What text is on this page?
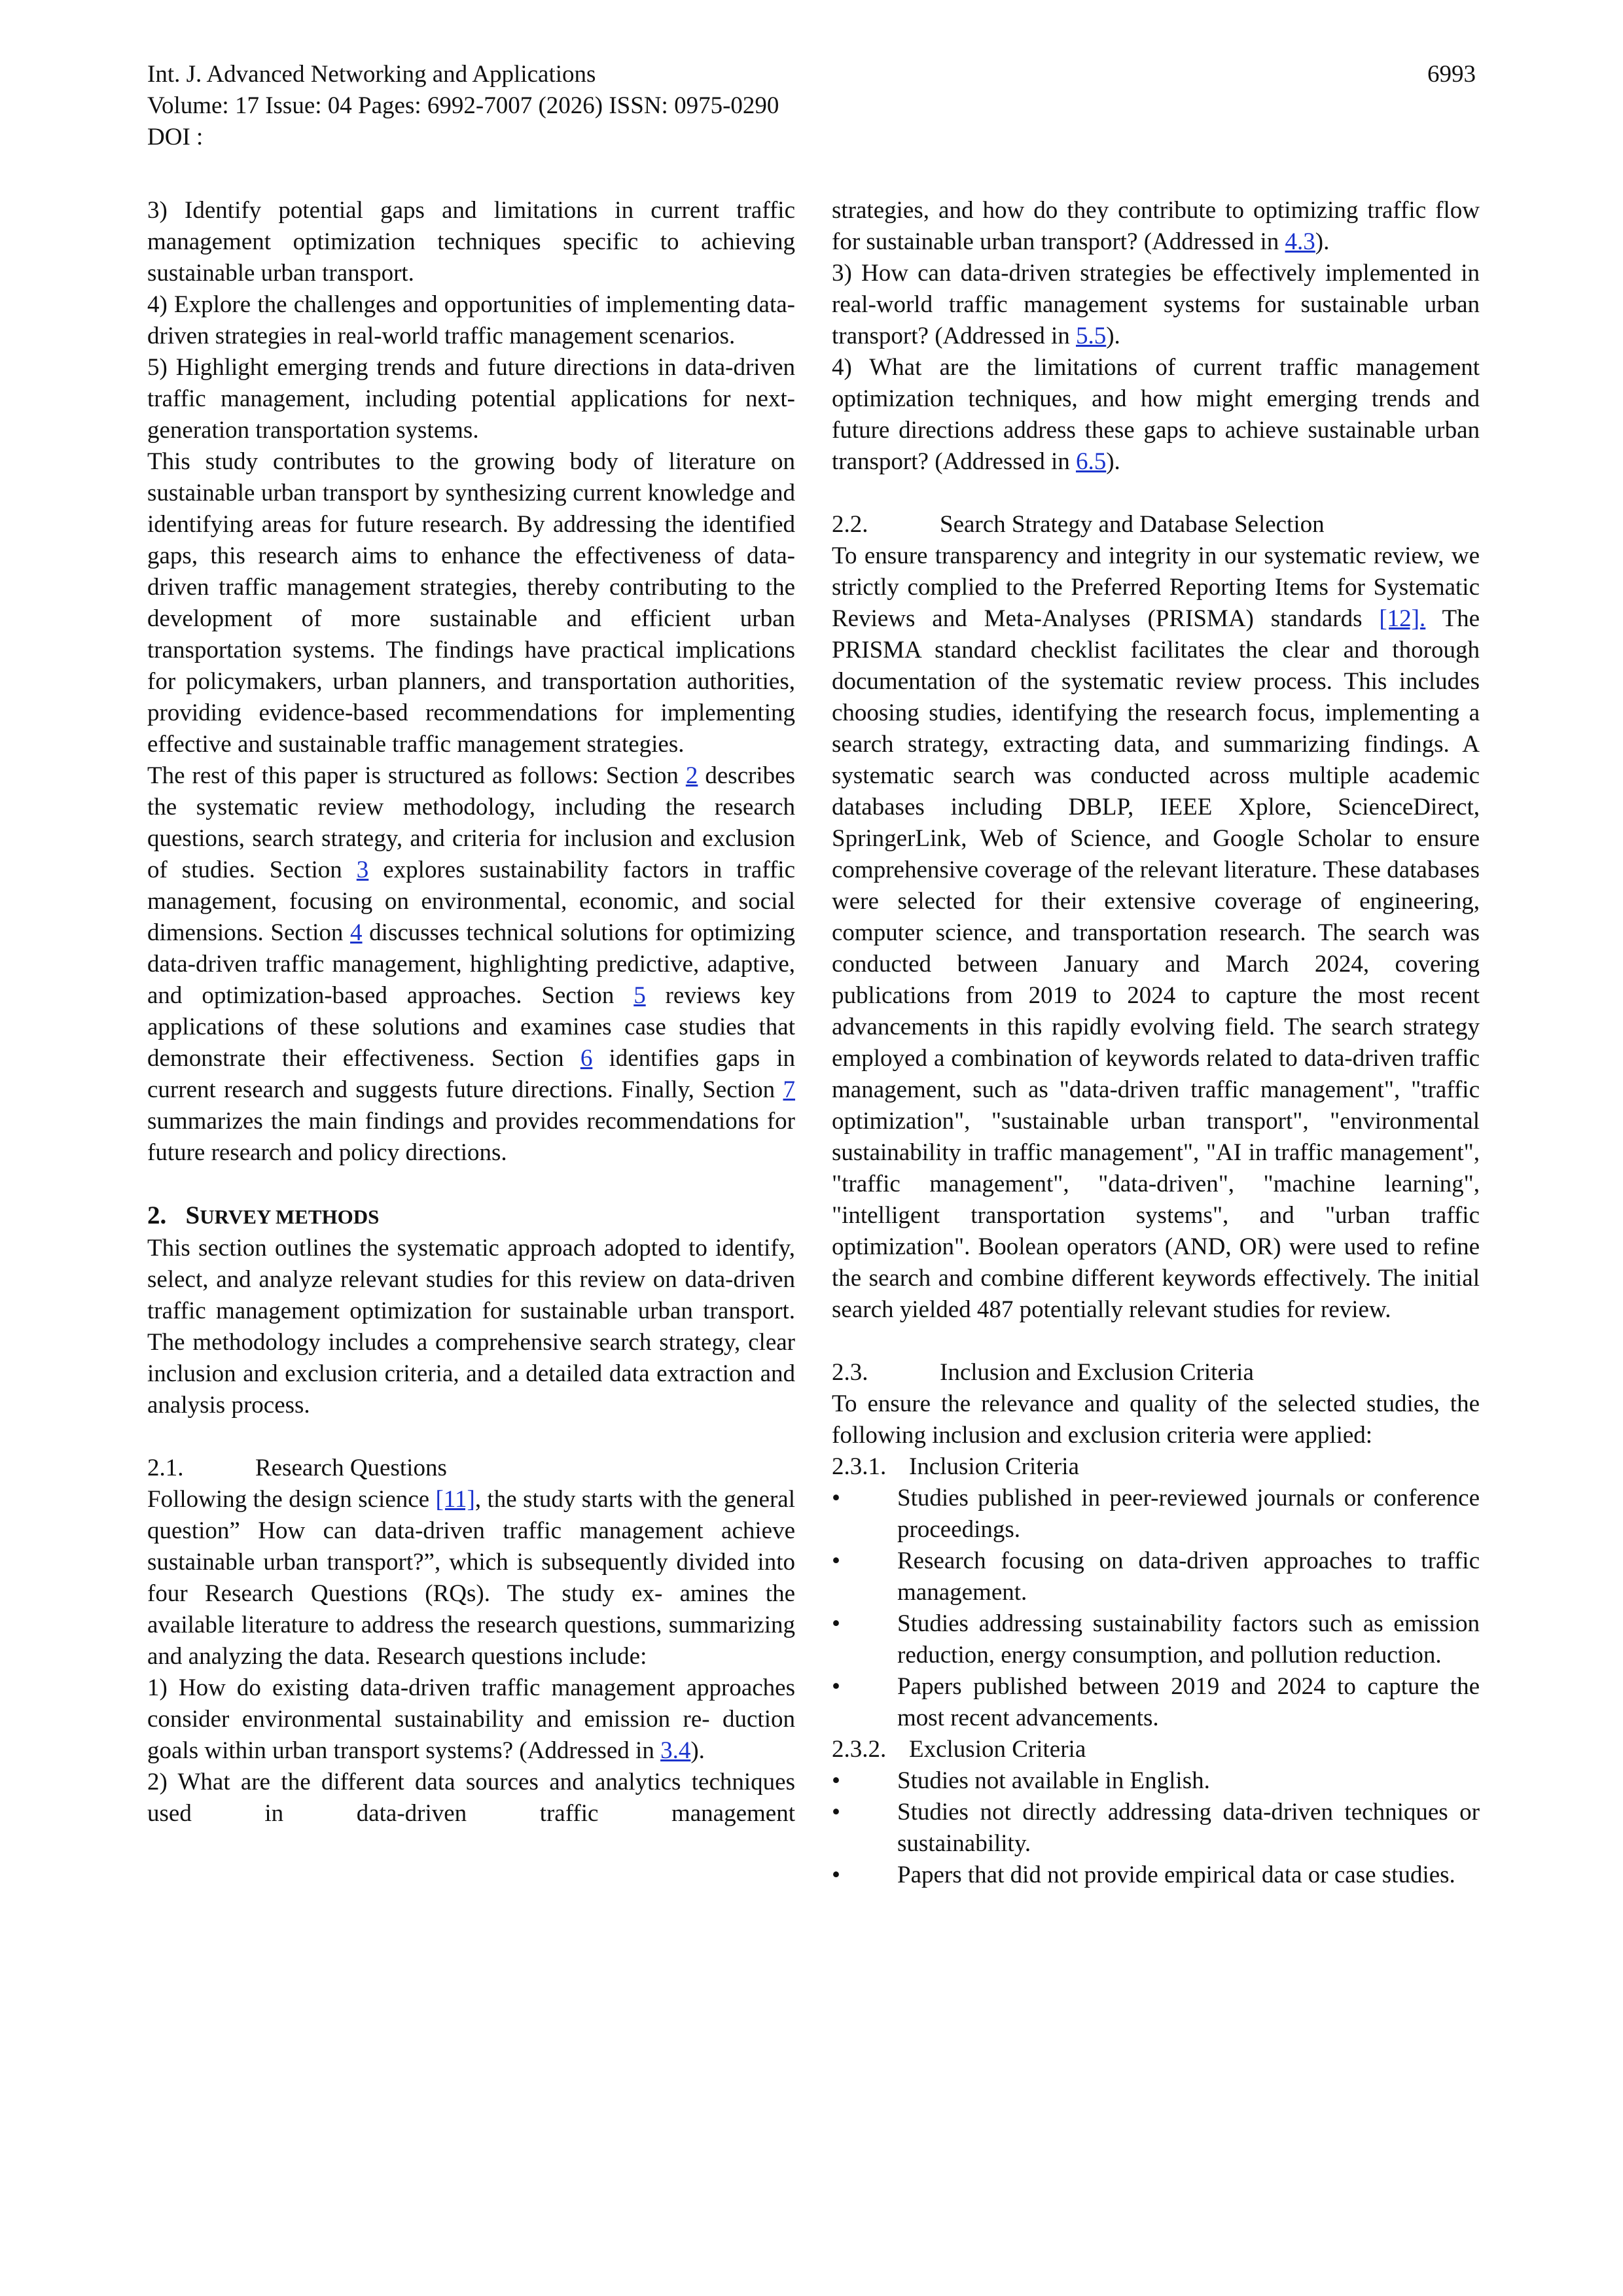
Int. J. Advanced Networking and Applications
Volume: 17 Issue: 04 Pages: 6992-7007 (2026) ISSN: 0975-0290
DOI :
6993

3) Identify potential gaps and limitations in current traffic management optimization techniques specific to achieving sustainable urban transport.

4) Explore the challenges and opportunities of implementing data-driven strategies in real-world traffic management scenarios.

5) Highlight emerging trends and future directions in data-driven traffic management, including potential applications for next-generation transportation systems.

This study contributes to the growing body of literature on sustainable urban transport by synthesizing current knowledge and identifying areas for future research. By addressing the identified gaps, this research aims to enhance the effectiveness of data-driven traffic management strategies, thereby contributing to the development of more sustainable and efficient urban transportation systems. The findings have practical implications for policymakers, urban planners, and transportation authorities, providing evidence-based recommendations for implementing effective and sustainable traffic management strategies.

The rest of this paper is structured as follows: Section 2 describes the systematic review methodology, including the research questions, search strategy, and criteria for inclusion and exclusion of studies. Section 3 explores sustainability factors in traffic management, focusing on environmental, economic, and social dimensions. Section 4 discusses technical solutions for optimizing data-driven traffic management, highlighting predictive, adaptive, and optimization-based approaches. Section 5 reviews key applications of these solutions and examines case studies that demonstrate their effectiveness. Section 6 identifies gaps in current research and suggests future directions. Finally, Section 7 summarizes the main findings and provides recommendations for future research and policy directions.

2. SURVEY METHODS

This section outlines the systematic approach adopted to identify, select, and analyze relevant studies for this review on data-driven traffic management optimization for sustainable urban transport. The methodology includes a comprehensive search strategy, clear inclusion and exclusion criteria, and a detailed data extraction and analysis process.

2.1.	Research Questions

Following the design science [11], the study starts with the general question” How can data-driven traffic management achieve sustainable urban transport?”, which is subsequently divided into four Research Questions (RQs). The study ex- amines the available literature to address the research questions, summarizing and analyzing the data. Research questions include:

1) How do existing data-driven traffic management approaches consider environmental sustainability and emission re- duction goals within urban transport systems? (Addressed in 3.4).

2) What are the different data sources and analytics techniques used in data-driven traffic management

strategies, and how do they contribute to optimizing traffic flow for sustainable urban transport? (Addressed in 4.3).

3) How can data-driven strategies be effectively implemented in real-world traffic management systems for sustainable urban transport? (Addressed in 5.5).

4) What are the limitations of current traffic management optimization techniques, and how might emerging trends and future directions address these gaps to achieve sustainable urban transport? (Addressed in 6.5).

2.2.	Search Strategy and Database Selection

To ensure transparency and integrity in our systematic review, we strictly complied to the Preferred Reporting Items for Systematic Reviews and Meta-Analyses (PRISMA) standards [12]. The PRISMA standard checklist facilitates the clear and thorough documentation of the systematic review process. This includes choosing studies, identifying the research focus, implementing a search strategy, extracting data, and summarizing findings. A systematic search was conducted across multiple academic databases including DBLP, IEEE Xplore, ScienceDirect, SpringerLink, Web of Science, and Google Scholar to ensure comprehensive coverage of the relevant literature. These databases were selected for their extensive coverage of engineering, computer science, and transportation research. The search was conducted between January and March 2024, covering publications from 2019 to 2024 to capture the most recent advancements in this rapidly evolving field. The search strategy employed a combination of keywords related to data-driven traffic management, such as "data-driven traffic management", "traffic optimization", "sustainable urban transport", "environmental sustainability in traffic management", "AI in traffic management", "traffic management", "data-driven", "machine learning", "intelligent transportation systems", and "urban traffic optimization". Boolean operators (AND, OR) were used to refine the search and combine different keywords effectively. The initial search yielded 487 potentially relevant studies for review.

2.3.	Inclusion and Exclusion Criteria

To ensure the relevance and quality of the selected studies, the following inclusion and exclusion criteria were applied:

2.3.1. Inclusion Criteria

• Studies published in peer-reviewed journals or conference proceedings.
• Research focusing on data-driven approaches to traffic management.
• Studies addressing sustainability factors such as emission reduction, energy consumption, and pollution reduction.
• Papers published between 2019 and 2024 to capture the most recent advancements.

2.3.2. Exclusion Criteria

• Studies not available in English.
• Studies not directly addressing data-driven techniques or sustainability.
• Papers that did not provide empirical data or case studies.
